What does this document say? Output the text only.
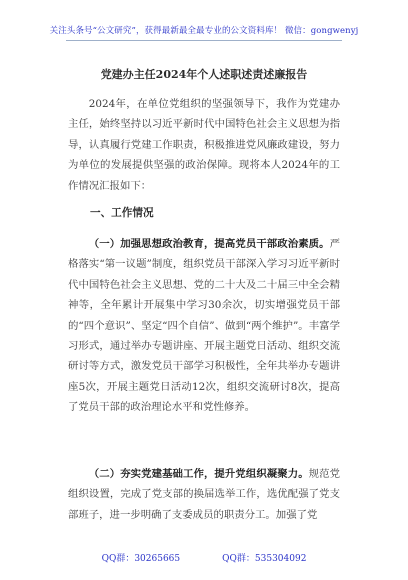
关注头条号“公文研究”，获得最新最全最专业的公文资料库！ 微信：gongwenyj
党建办主任2024年个人述职述责述廉报告

2024年，在单位党组织的坚强领导下，我作为党建办主任，始终坚持以习近平新时代中国特色社会主义思想为指导，认真履行党建工作职责，积极推进党风廉政建设，努力为单位的发展提供坚强的政治保障。现将本人2024年的工作情况汇报如下：

一、工作情况

（一）加强思想政治教育，提高党员干部政治素质。严格落实“第一议题”制度，组织党员干部深入学习习近平新时代中国特色社会主义思想、党的二十大及二十届三中全会精神等，全年累计开展集中学习30余次，切实增强党员干部的“四个意识”、坚定“四个自信”、做到“两个维护”。丰富学习形式，通过举办专题讲座、开展主题党日活动、组织交流研讨等方式，激发党员干部学习积极性，全年共举办专题讲座5次，开展主题党日活动12次，组织交流研讨8次，提高了党员干部的政治理论水平和党性修养。

（二）夯实党建基础工作，提升党组织凝聚力。规范党组织设置，完成了党支部的换届选举工作，选优配强了党支部班子，进一步明确了支委成员的职责分工。加强了党

QQ群：30265665	QQ群：535304092
